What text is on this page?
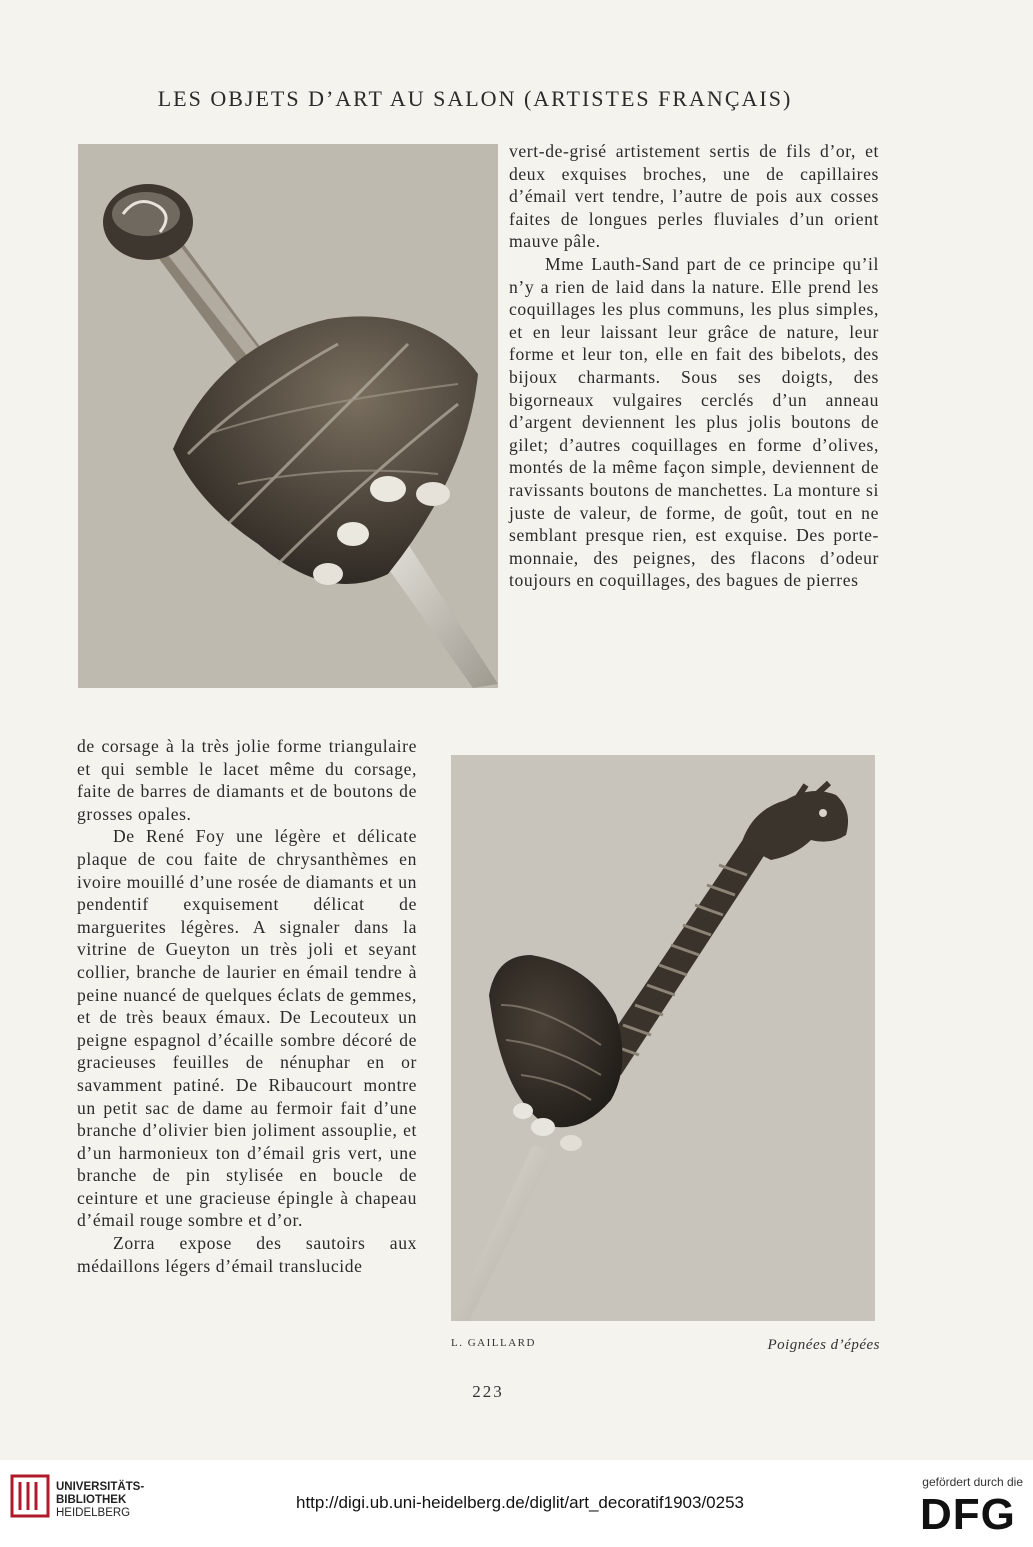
LES OBJETS D’ART AU SALON (ARTISTES FRANÇAIS)

vert-de-grisé artistement sertis de fils d’or, et deux exquises broches, une de capillaires d’émail vert tendre, l’autre de pois aux cosses faites de longues perles fluviales d’un orient mauve pâle.

Mme Lauth-Sand part de ce principe qu’il n’y a rien de laid dans la nature. Elle prend les coquillages les plus communs, les plus simples, et en leur laissant leur grâce de nature, leur forme et leur ton, elle en fait des bibelots, des bijoux charmants. Sous ses doigts, des bigorneaux vulgaires cerclés d’un anneau d’argent deviennent les plus jolis boutons de gilet; d’autres coquillages en forme d’olives, montés de la même façon simple, deviennent de ravissants boutons de manchettes. La monture si juste de valeur, de forme, de goût, tout en ne semblant presque rien, est exquise. Des porte-monnaie, des peignes, des flacons d’odeur toujours en coquillages, des bagues de pierres

de corsage à la très jolie forme triangulaire et qui semble le lacet même du corsage, faite de barres de diamants et de boutons de grosses opales.

De René Foy une légère et délicate plaque de cou faite de chrysanthèmes en ivoire mouillé d’une rosée de diamants et un pendentif exquisement délicat de marguerites légères. A signaler dans la vitrine de Gueyton un très joli et seyant collier, branche de laurier en émail tendre à peine nuancé de quelques éclats de gemmes, et de très beaux émaux. De Lecouteux un peigne espagnol d’écaille sombre décoré de gracieuses feuilles de nénuphar en or savamment patiné. De Ribaucourt montre un petit sac de dame au fermoir fait d’une branche d’olivier bien joliment assouplie, et d’un harmonieux ton d’émail gris vert, une branche de pin stylisée en boucle de ceinture et une gracieuse épingle à chapeau d’émail rouge sombre et d’or.

Zorra expose des sautoirs aux médaillons légers d’émail translucide

L. GAILLARD	Poignées d’épées
223
UNIVERSITÄTS-
BIBLIOTHEK
HEIDELBERG
http://digi.ub.uni-heidelberg.de/diglit/art_decoratif1903/0253
gefördert durch die
DFG
